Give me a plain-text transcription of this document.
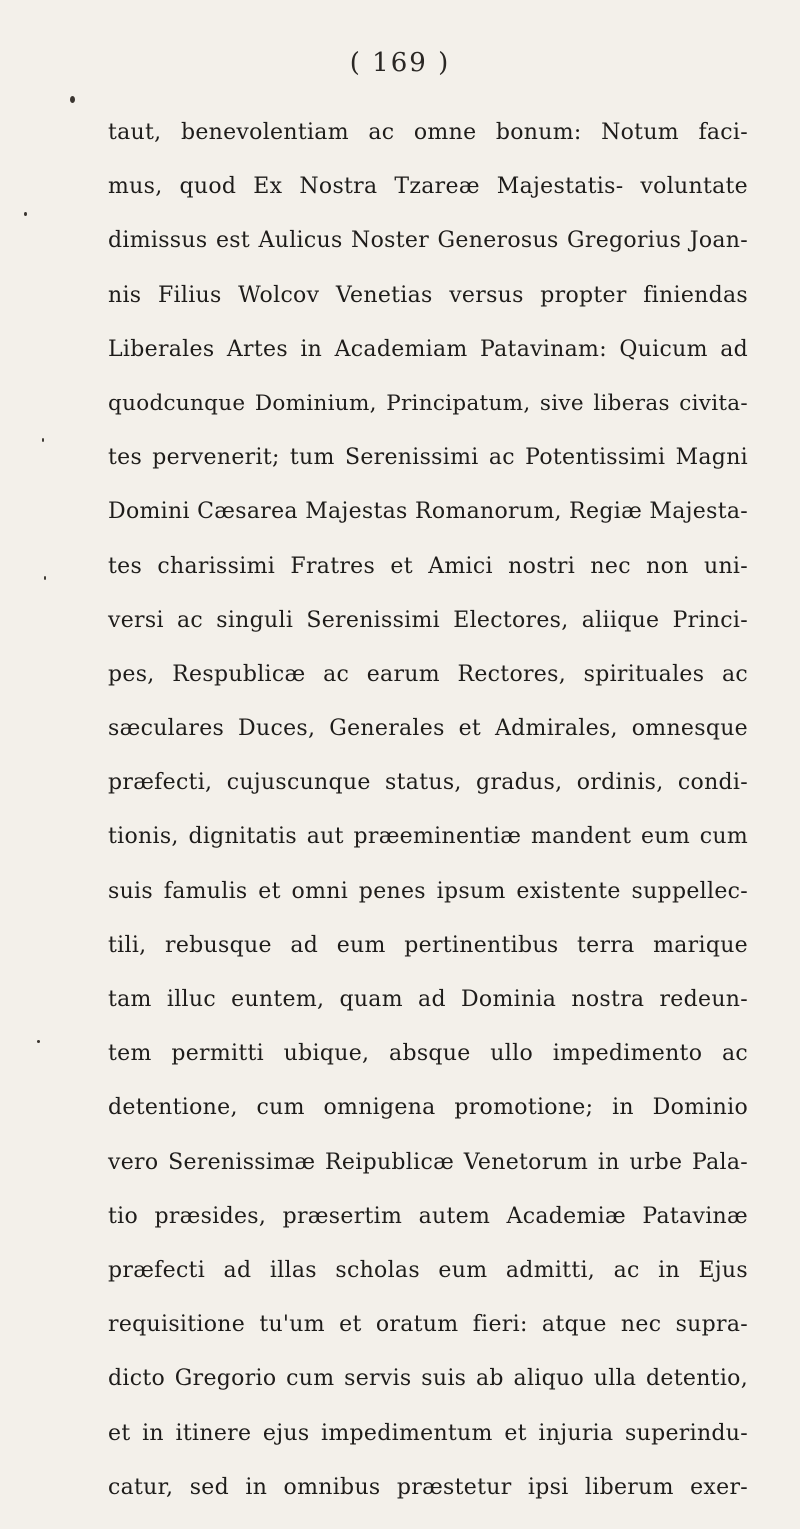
( 169 )
taut, benevolentiam ac omne bonum: Notum faci-
mus, quod Ex Nostra Tzareæ Majestatis- voluntate
dimissus est Aulicus Noster Generosus Gregorius Joan-
nis Filius Wolcov Venetias versus propter finiendas
Liberales Artes in Academiam Patavinam: Quicum ad
quodcunque Dominium, Principatum, sive liberas civita-
tes pervenerit; tum Serenissimi ac Potentissimi Magni
Domini Cæsarea Majestas Romanorum, Regiæ Majesta-
tes charissimi Fratres et Amici nostri nec non uni-
versi ac singuli Serenissimi Electores, aliique Princi-
pes, Respublicæ ac earum Rectores, spirituales ac
sæculares Duces, Generales et Admirales, omnesque
præfecti, cujuscunque status, gradus, ordinis, condi-
tionis, dignitatis aut præeminentiæ mandent eum cum
suis famulis et omni penes ipsum existente suppellec-
tili, rebusque ad eum pertinentibus terra marique
tam illuc euntem, quam ad Dominia nostra redeun-
tem permitti ubique, absque ullo impedimento ac
detentione, cum omnigena promotione; in Dominio
vero Serenissimæ Reipublicæ Venetorum in urbe Pala-
tio præsides, præsertim autem Academiæ Patavinæ
præfecti ad illas scholas eum admitti, ac in Ejus
requisitione tu'um et oratum fieri: atque nec supra-
dicto Gregorio cum servis suis ab aliquo ulla detentio,
et in itinere ejus impedimentum et injuria superindu-
catur, sed in omnibus præstetur ipsi liberum exer-
